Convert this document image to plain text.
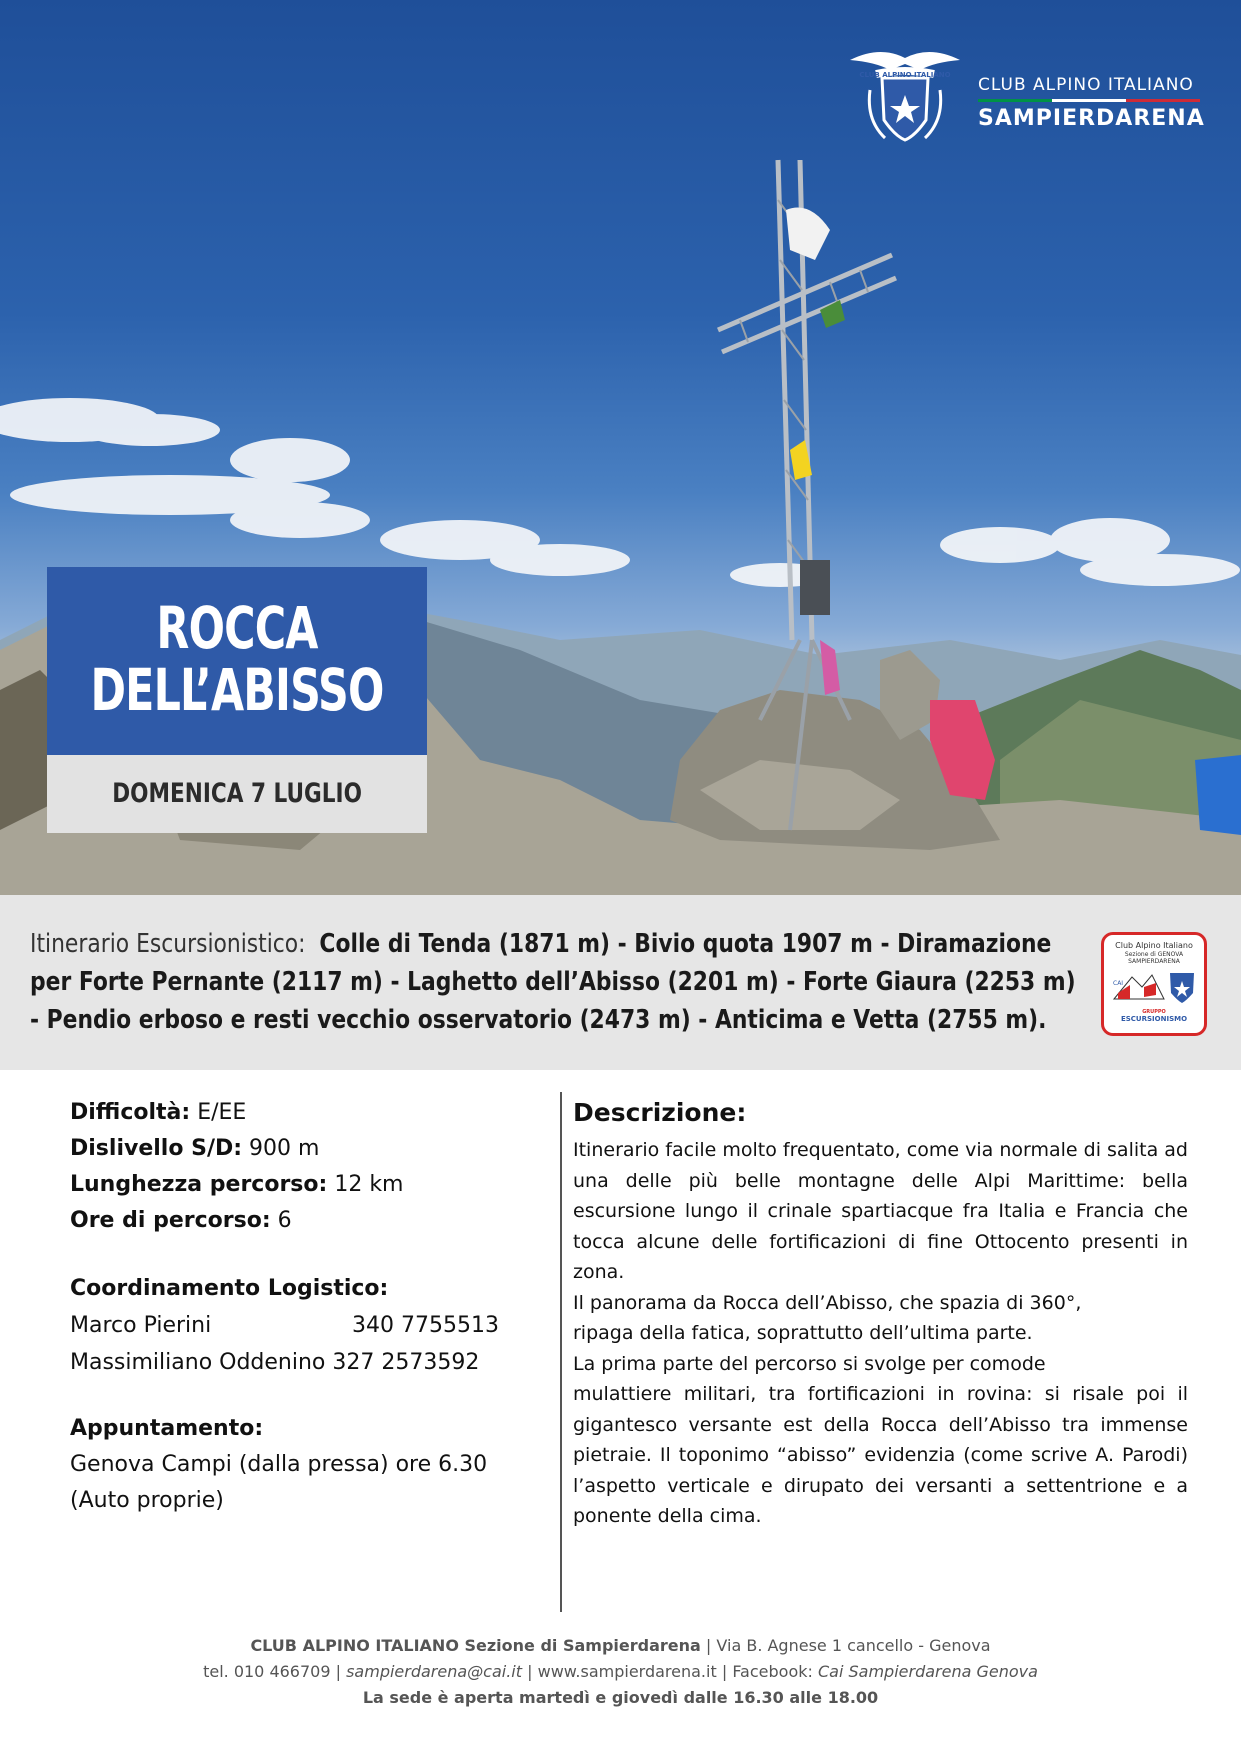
CLUB ALPINO ITALIANO CLUB ALPINO ITALIANO
SAMPIERDARENA
ROCCA
DELL’ABISSO
DOMENICA 7 LUGLIO
Itinerario Escursionistico: Colle di Tenda (1871 m) - Bivio quota 1907 m - Diramazione per Forte Pernante (2117 m) - Laghetto dell’Abisso (2201 m) - Forte Giaura (2253 m) - Pendio erboso e resti vecchio osservatorio (2473 m) - Anticima e Vetta (2755 m).
Club Alpino Italiano
Sezione di GENOVA SAMPIERDARENA
CAI
GRUPPO
ESCURSIONISMO
Difficoltà: E/EE
Dislivello S/D: 900 m
Lunghezza percorso: 12 km
Ore di percorso: 6
Coordinamento Logistico:
Marco Pierini	340 7755513
Massimiliano Oddenino 327 2573592
Appuntamento:
Genova Campi (dalla pressa) ore 6.30
(Auto proprie)
Descrizione:

Itinerario facile molto frequentato, come via normale di salita ad una delle più belle montagne delle Alpi Marittime: bella escursione lungo il crinale spartiacque fra Italia e Francia che tocca alcune delle fortificazioni di fine Ottocento presenti in zona.

Il panorama da Rocca dell’Abisso, che spazia di 360°,

ripaga della fatica, soprattutto dell’ultima parte.

La prima parte del percorso si svolge per comode

mulattiere militari, tra fortificazioni in rovina: si risale poi il gigantesco versante est della Rocca dell’Abisso tra immense pietraie. Il toponimo “abisso” evidenzia (come scrive A. Parodi) l’aspetto verticale e dirupato dei versanti a settentrione e a ponente della cima.

CLUB ALPINO ITALIANO Sezione di Sampierdarena | Via B. Agnese 1 cancello - Genova
tel. 010 466709 | sampierdarena@cai.it | www.sampierdarena.it | Facebook: Cai Sampierdarena Genova
La sede è aperta martedì e giovedì dalle 16.30 alle 18.00
